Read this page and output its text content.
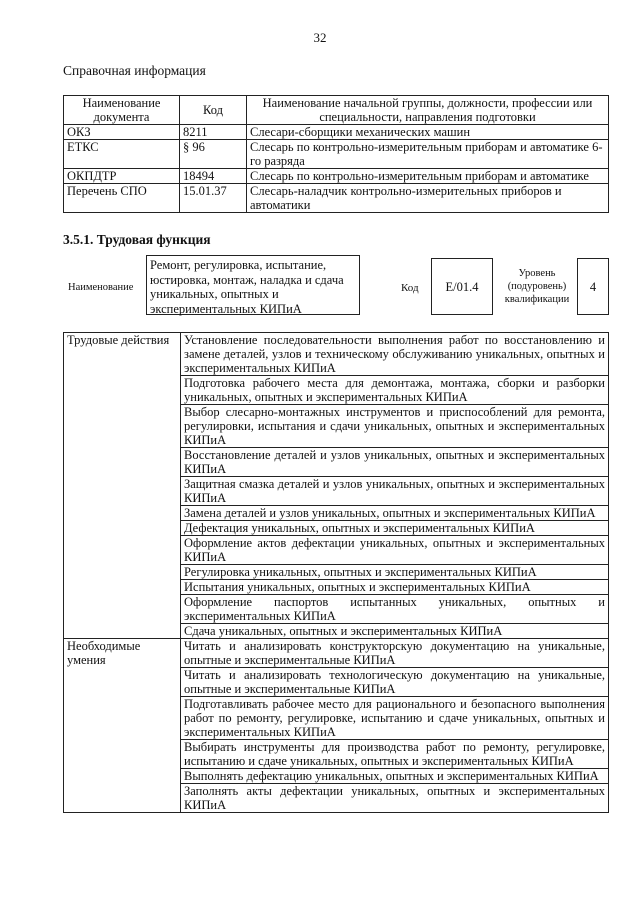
32
Справочная информация
Наименование документа	Код	Наименование начальной группы, должности, профессии или специальности, направления подготовки
ОКЗ	8211	Слесари-сборщики механических машин
ЕТКС	§ 96	Слесарь по контрольно-измерительным приборам и автоматике 6-го разряда
ОКПДТР	18494	Слесарь по контрольно-измерительным приборам и автоматике
Перечень СПО	15.01.37	Слесарь-наладчик контрольно-измерительных приборов и автоматики
3.5.1. Трудовая функция
Наименование
Ремонт, регулировка, испытание, юстировка, монтаж, наладка и сдача уникальных, опытных и экспериментальных КИПиА
Код	E/01.4
Уровень (подуровень) квалификации
4
Трудовые действия	Установление последовательности выполнения работ по восстановлению и замене деталей, узлов и техническому обслуживанию уникальных, опытных и экспериментальных КИПиА
	Подготовка рабочего места для демонтажа, монтажа, сборки и разборки уникальных, опытных и экспериментальных КИПиА
	Выбор слесарно-монтажных инструментов и приспособлений для ремонта, регулировки, испытания и сдачи уникальных, опытных и экспериментальных КИПиА
	Восстановление деталей и узлов уникальных, опытных и экспериментальных КИПиА
	Защитная смазка деталей и узлов уникальных, опытных и экспериментальных КИПиА
	Замена деталей и узлов уникальных, опытных и экспериментальных КИПиА
	Дефектация уникальных, опытных и экспериментальных КИПиА
	Оформление актов дефектации уникальных, опытных и экспериментальных КИПиА
	Регулировка уникальных, опытных и экспериментальных КИПиА
	Испытания уникальных, опытных и экспериментальных КИПиА
	Оформление паспортов испытанных уникальных, опытных и экспериментальных КИПиА
	Сдача уникальных, опытных и экспериментальных КИПиА
Необходимые умения	Читать и анализировать конструкторскую документацию на уникальные, опытные и экспериментальные КИПиА
	Читать и анализировать технологическую документацию на уникальные, опытные и экспериментальные КИПиА
	Подготавливать рабочее место для рационального и безопасного выполнения работ по ремонту, регулировке, испытанию и сдаче уникальных, опытных и экспериментальных КИПиА
	Выбирать инструменты для производства работ по ремонту, регулировке, испытанию и сдаче уникальных, опытных и экспериментальных КИПиА
	Выполнять дефектацию уникальных, опытных и экспериментальных КИПиА
	Заполнять акты дефектации уникальных, опытных и экспериментальных КИПиА
